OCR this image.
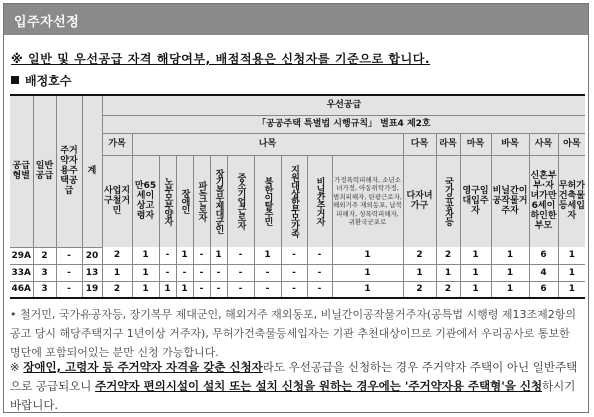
입주자선정
※ 일반 및 우선공급 자격 해당여부, 배점적용은 신청자를 기준으로 합니다.
배정호수
공급형별	일반공급	주거약자용주택공급	계	우선공급																
				「공공주택 특별법 시행규칙」 별표4 제2호																
				가목	나목										다목	라목	마목	바목	사목	아목
				사업지구철거민	만65세이상고령자	노부모부양자	장애인	파독근로자	장기복무제대군인	중소기업근로자	북한이탈주민	지원대상한부모가족	비닐간주거자	가정폭력피해자, 소년소녀가정, 아동위탁가정, 범죄피해자, 탄광근로자, 해외거주 재외동포, 납북피해자, 성폭력피해자, 귀환국군포로	다자녀가구	국가유공자등	영구임대입주자	비닐간이공작물거주자	신혼부부·자녀가만6세이하인한부모	무허가건축물등세입자
29A	2	-	20	2	1	-	1	-	1	-	1	-	-	1	2	2	1	1	6	1
33A	3	-	13	1	1	-	-	-	-	-	-	-	-	1	1	1	1	1	4	1
46A	3	-	19	2	1	1	1	-	-	-	-	-	-	1	2	2	1	1	6	1
• 철거민, 국가유공자등, 장기복무 제대군인, 해외거주 재외동포, 비닐간이공작물거주자(공특법 시행령 제13조제2항의 공고 당시 해당주택지구 1년이상 거주자), 무허가건축물등세입자는 기관 추천대상이므로 기관에서 우리공사로 통보한 명단에 포함되어있는 분만 신청 가능합니다.
※ 장애인, 고령자 등 주거약자 자격을 갖춘 신청자라도 우선공급을 신청하는 경우 주거약자 주택이 아닌 일반주택으로 공급되오니 주거약자 편의시설이 설치 또는 설치 신청을 원하는 경우에는 '주거약자용 주택형'을 신청하시기 바랍니다.
